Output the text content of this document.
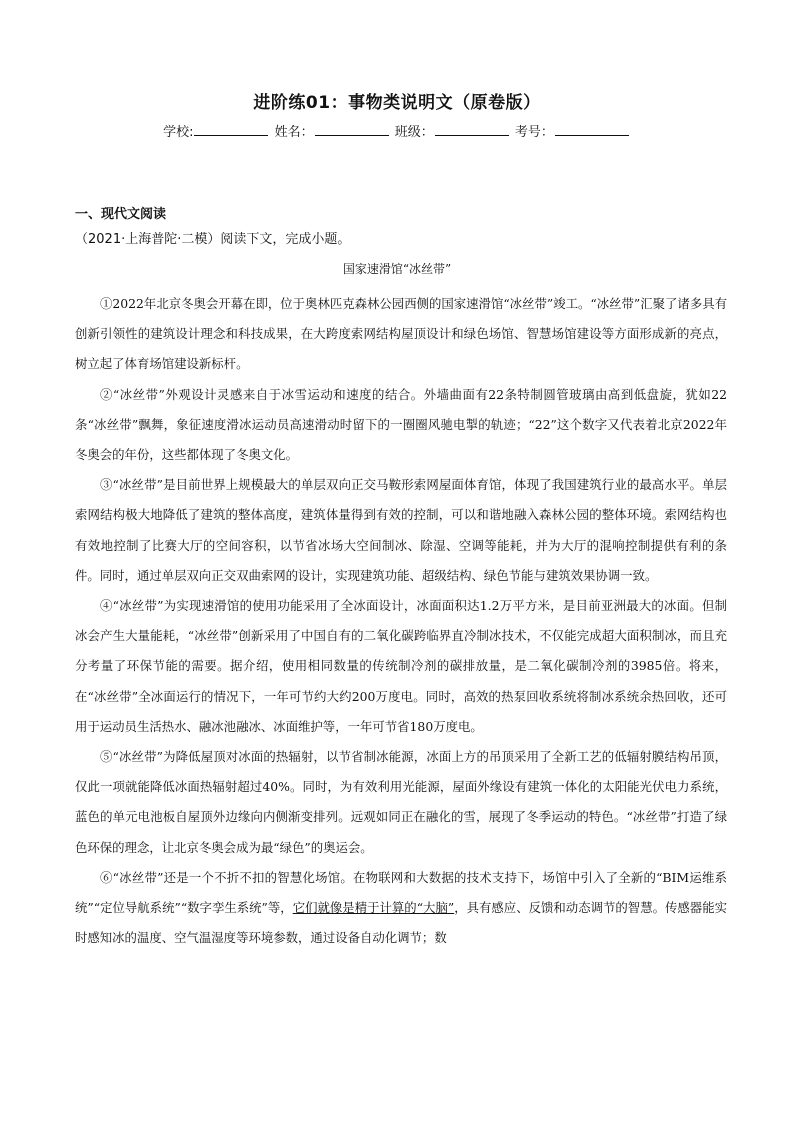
进阶练01：事物类说明文（原卷版）
学校:	姓名：	班级：	考号：
一、现代文阅读
（2021·上海普陀·二模）阅读下文，完成小题。
国家速滑馆“冰丝带”

①2022年北京冬奥会开幕在即，位于奥林匹克森林公园西侧的国家速滑馆“冰丝带”竣工。“冰丝带”汇聚了诸多具有创新引领性的建筑设计理念和科技成果，在大跨度索网结构屋顶设计和绿色场馆、智慧场馆建设等方面形成新的亮点，树立起了体育场馆建设新标杆。

②“冰丝带”外观设计灵感来自于冰雪运动和速度的结合。外墙曲面有22条特制圆管玻璃由高到低盘旋，犹如22条“冰丝带”飘舞，象征速度滑冰运动员高速滑动时留下的一圈圈风驰电掣的轨迹；“22”这个数字又代表着北京2022年冬奥会的年份，这些都体现了冬奥文化。

③“冰丝带”是目前世界上规模最大的单层双向正交马鞍形索网屋面体育馆，体现了我国建筑行业的最高水平。单层索网结构极大地降低了建筑的整体高度，建筑体量得到有效的控制，可以和谐地融入森林公园的整体环境。索网结构也有效地控制了比赛大厅的空间容积，以节省冰场大空间制冰、除湿、空调等能耗，并为大厅的混响控制提供有利的条件。同时，通过单层双向正交双曲索网的设计，实现建筑功能、超级结构、绿色节能与建筑效果协调一致。

④“冰丝带”为实现速滑馆的使用功能采用了全冰面设计，冰面面积达1.2万平方米，是目前亚洲最大的冰面。但制冰会产生大量能耗，“冰丝带”创新采用了中国自有的二氧化碳跨临界直冷制冰技术，不仅能完成超大面积制冰，而且充分考量了环保节能的需要。据介绍，使用相同数量的传统制冷剂的碳排放量，是二氧化碳制冷剂的3985倍。将来，在“冰丝带”全冰面运行的情况下，一年可节约大约200万度电。同时，高效的热泵回收系统将制冰系统余热回收，还可用于运动员生活热水、融冰池融冰、冰面维护等，一年可节省180万度电。

⑤“冰丝带”为降低屋顶对冰面的热辐射，以节省制冰能源，冰面上方的吊顶采用了全新工艺的低辐射膜结构吊顶，仅此一项就能降低冰面热辐射超过40%。同时，为有效利用光能源，屋面外缘设有建筑一体化的太阳能光伏电力系统，蓝色的单元电池板自屋顶外边缘向内侧渐变排列。远观如同正在融化的雪，展现了冬季运动的特色。“冰丝带”打造了绿色环保的理念，让北京冬奥会成为最“绿色”的奥运会。

⑥“冰丝带”还是一个不折不扣的智慧化场馆。在物联网和大数据的技术支持下，场馆中引入了全新的“BIM运维系统”“定位导航系统”“数字孪生系统”等，它们就像是精于计算的“大脑”，具有感应、反馈和动态调节的智慧。传感器能实时感知冰的温度、空气温湿度等环境参数，通过设备自动化调节；数
